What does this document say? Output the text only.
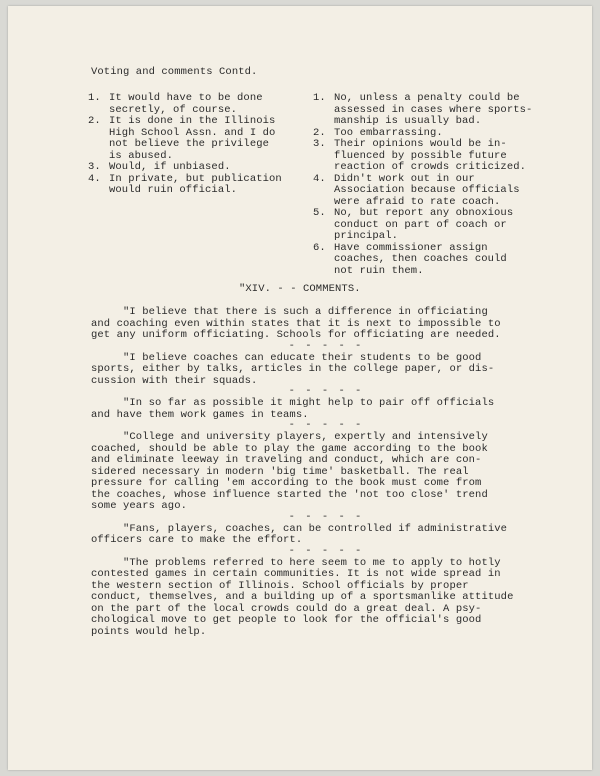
Voting and comments Contd.
1. It would have to be done
secretly, of course.
2. It is done in the Illinois
High School Assn. and I do
not believe the privilege
is abused.
3. Would, if unbiased.
4. In private, but publication
would ruin official.
1. No, unless a penalty could be
assessed in cases where sports-
manship is usually bad.
2. Too embarrassing.
3. Their opinions would be in-
fluenced by possible future
reaction of crowds criticized.
4. Didn't work out in our
Association because officials
were afraid to rate coach.
5. No, but report any obnoxious
conduct on part of coach or
principal.
6. Have commissioner assign
coaches, then coaches could
not ruin them.
"XIV. - - COMMENTS.
"I believe that there is such a difference in officiating
and coaching even within states that it is next to impossible to
get any uniform officiating. Schools for officiating are needed.
- - - - -
"I believe coaches can educate their students to be good
sports, either by talks, articles in the college paper, or dis-
cussion with their squads.
- - - - -
"In so far as possible it might help to pair off officials
and have them work games in teams.
- - - - -
"College and university players, expertly and intensively
coached, should be able to play the game according to the book
and eliminate leeway in traveling and conduct, which are con-
sidered necessary in modern 'big time' basketball. The real
pressure for calling 'em according to the book must come from
the coaches, whose influence started the 'not too close' trend
some years ago.
- - - - -
"Fans, players, coaches, can be controlled if administrative
officers care to make the effort.
- - - - -
"The problems referred to here seem to me to apply to hotly
contested games in certain communities. It is not wide spread in
the western section of Illinois. School officials by proper
conduct, themselves, and a building up of a sportsmanlike attitude
on the part of the local crowds could do a great deal. A psy-
chological move to get people to look for the official's good
points would help.
